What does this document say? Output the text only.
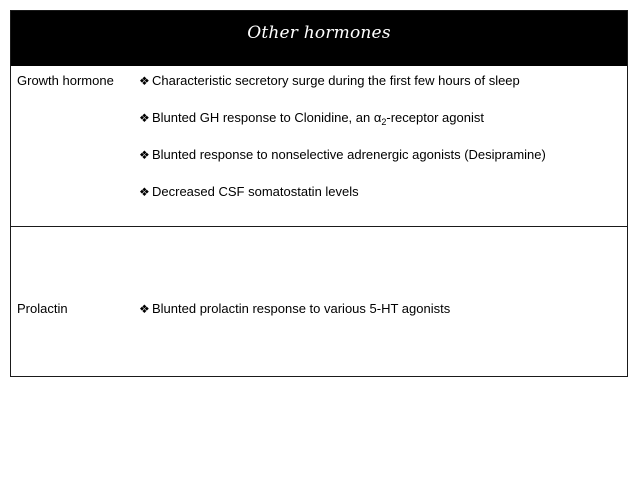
Other hormones
Growth hormone ❖ Characteristic secretory surge during the first few hours of sleep
❖ Blunted GH response to Clonidine, an $\alpha_2$-receptor agonist
❖ Blunted response to nonselective adrenergic agonists (Desipramine)
❖ Decreased CSF somatostatin levels
Prolactin	❖ Blunted prolactin response to various 5-HT agonists
